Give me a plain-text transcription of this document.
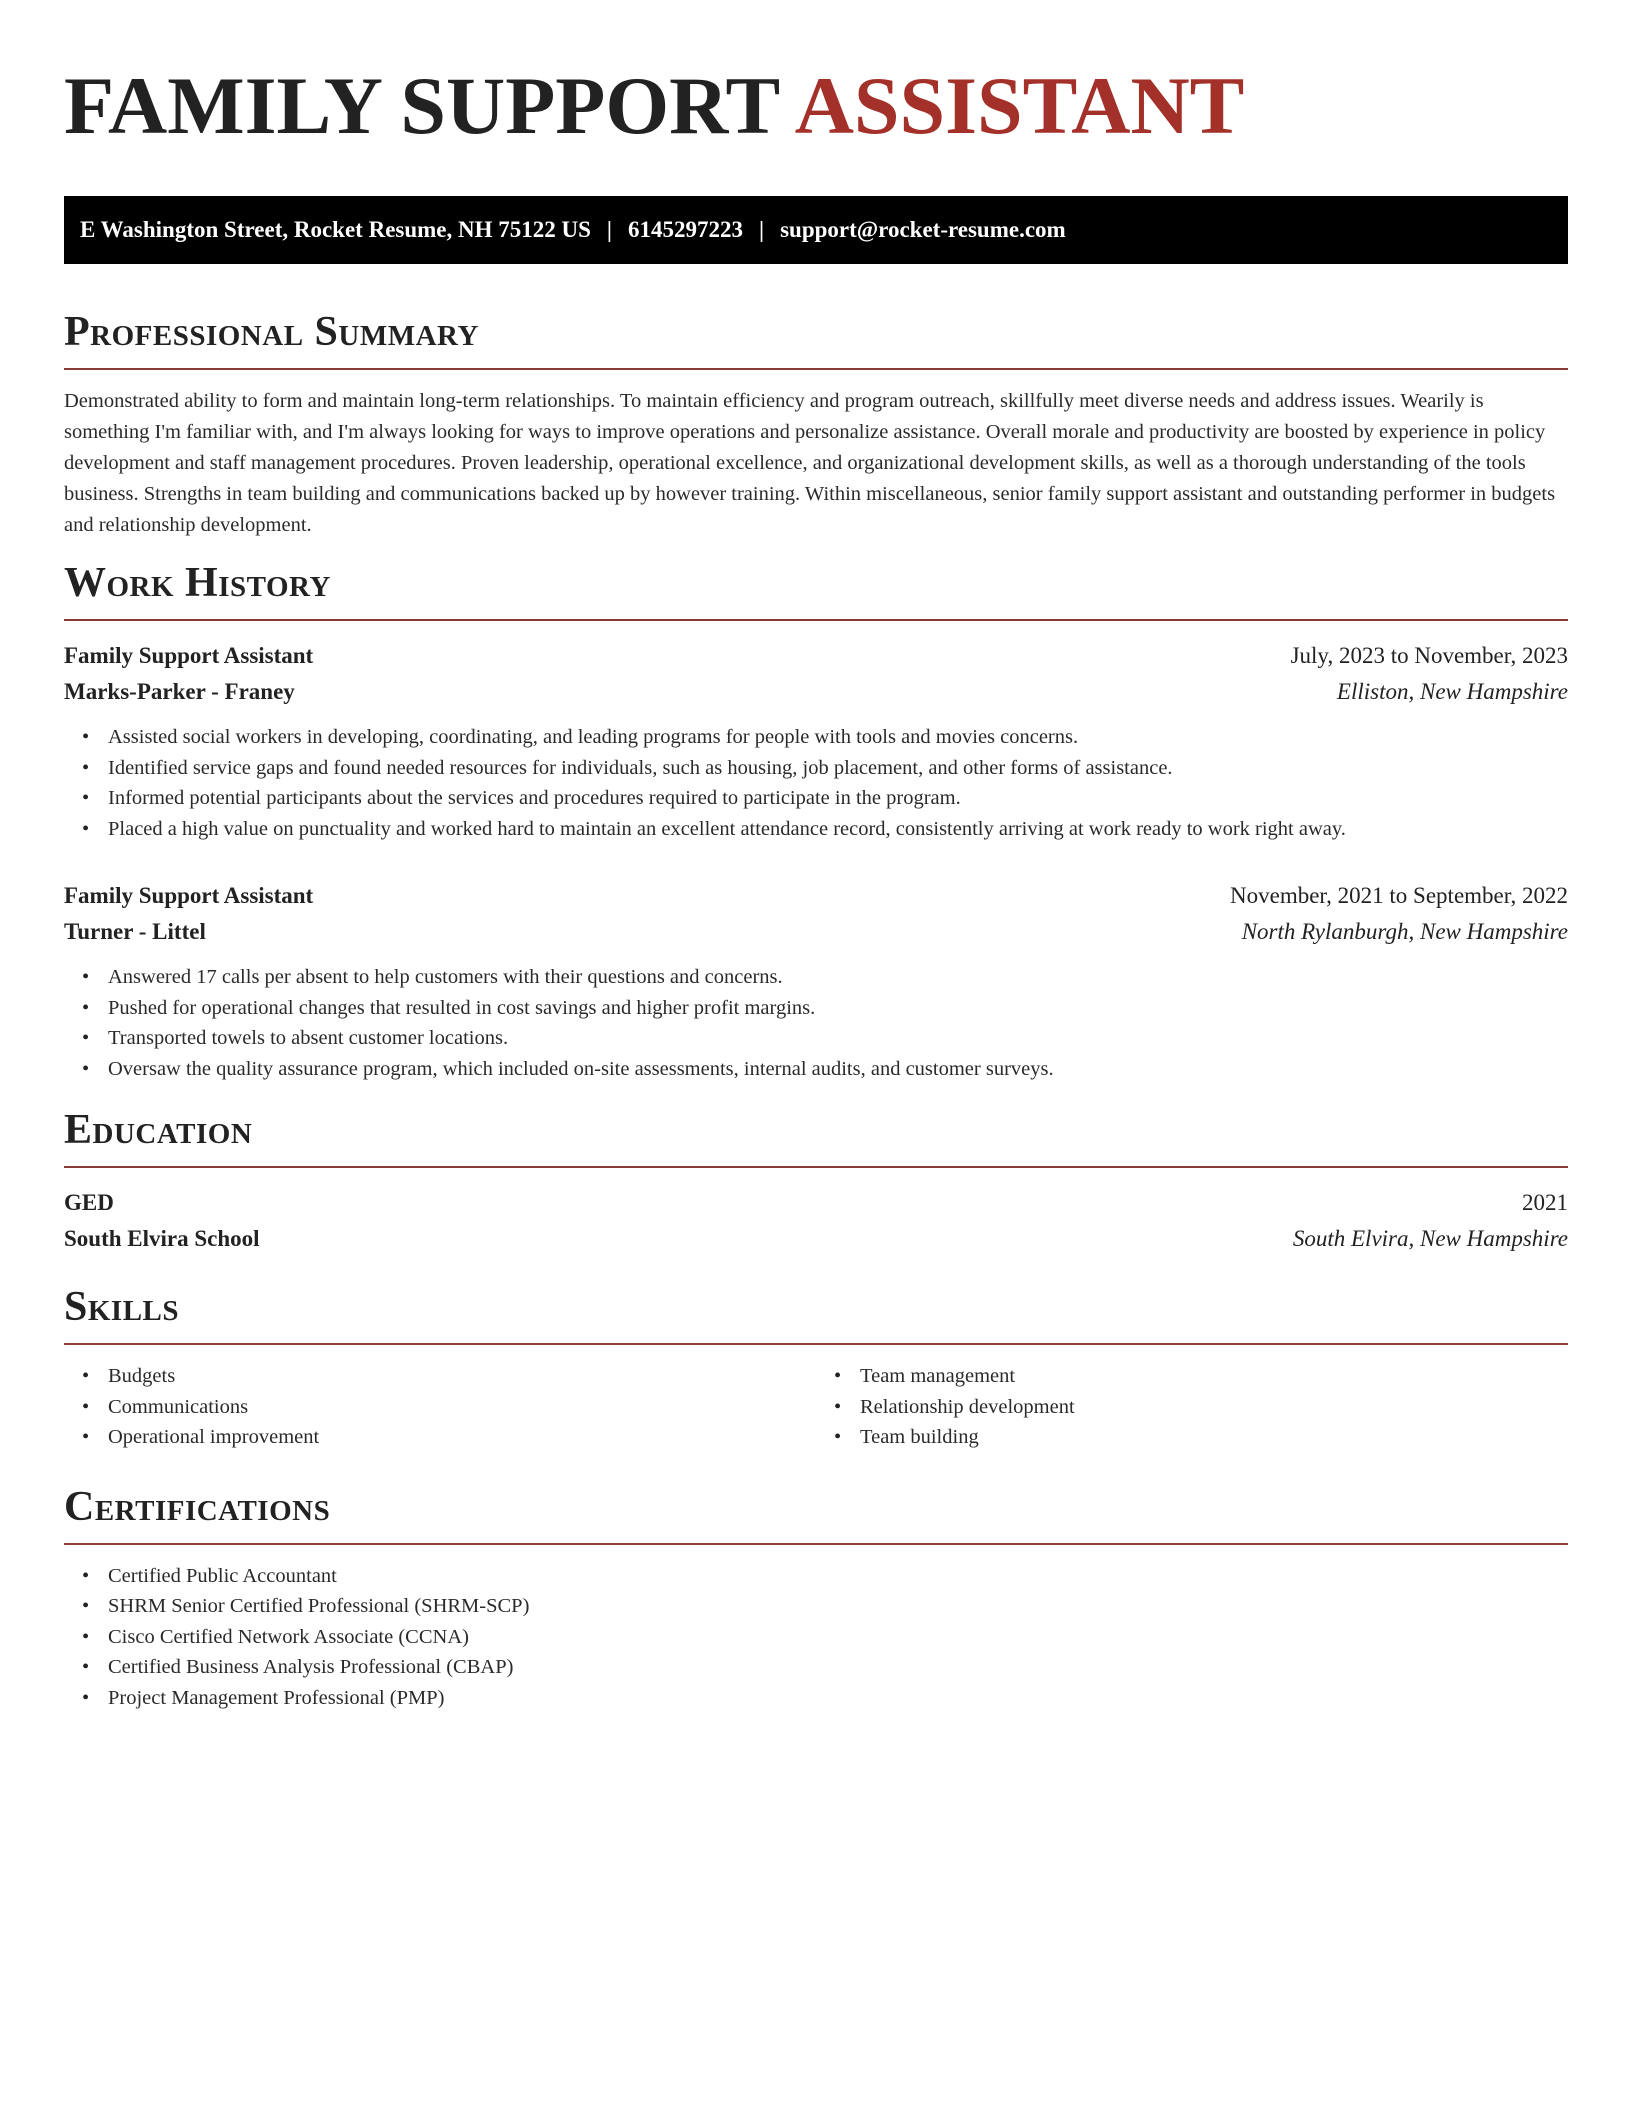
FAMILY SUPPORT ASSISTANT
E Washington Street, Rocket Resume, NH 75122 US | 6145297223 | support@rocket-resume.com
Professional Summary

Demonstrated ability to form and maintain long-term relationships. To maintain efficiency and program outreach, skillfully meet diverse needs and address issues. Wearily is something I'm familiar with, and I'm always looking for ways to improve operations and personalize assistance. Overall morale and productivity are boosted by experience in policy development and staff management procedures. Proven leadership, operational excellence, and organizational development skills, as well as a thorough understanding of the tools business. Strengths in team building and communications backed up by however training. Within miscellaneous, senior family support assistant and outstanding performer in budgets and relationship development.

Work History
Family Support Assistant	July, 2023 to November, 2023
Marks-Parker - Franey	Elliston, New Hampshire
• Assisted social workers in developing, coordinating, and leading programs for people with tools and movies concerns.
• Identified service gaps and found needed resources for individuals, such as housing, job placement, and other forms of assistance.
• Informed potential participants about the services and procedures required to participate in the program.
• Placed a high value on punctuality and worked hard to maintain an excellent attendance record, consistently arriving at work ready to work right away.
Family Support Assistant	November, 2021 to September, 2022
Turner - Littel	North Rylanburgh, New Hampshire
• Answered 17 calls per absent to help customers with their questions and concerns.
• Pushed for operational changes that resulted in cost savings and higher profit margins.
• Transported towels to absent customer locations.
• Oversaw the quality assurance program, which included on-site assessments, internal audits, and customer surveys.
Education
GED	2021
South Elvira School	South Elvira, New Hampshire
Skills
• Budgets
• Communications
• Operational improvement
• Team management
• Relationship development
• Team building
Certifications
• Certified Public Accountant
• SHRM Senior Certified Professional (SHRM-SCP)
• Cisco Certified Network Associate (CCNA)
• Certified Business Analysis Professional (CBAP)
• Project Management Professional (PMP)
